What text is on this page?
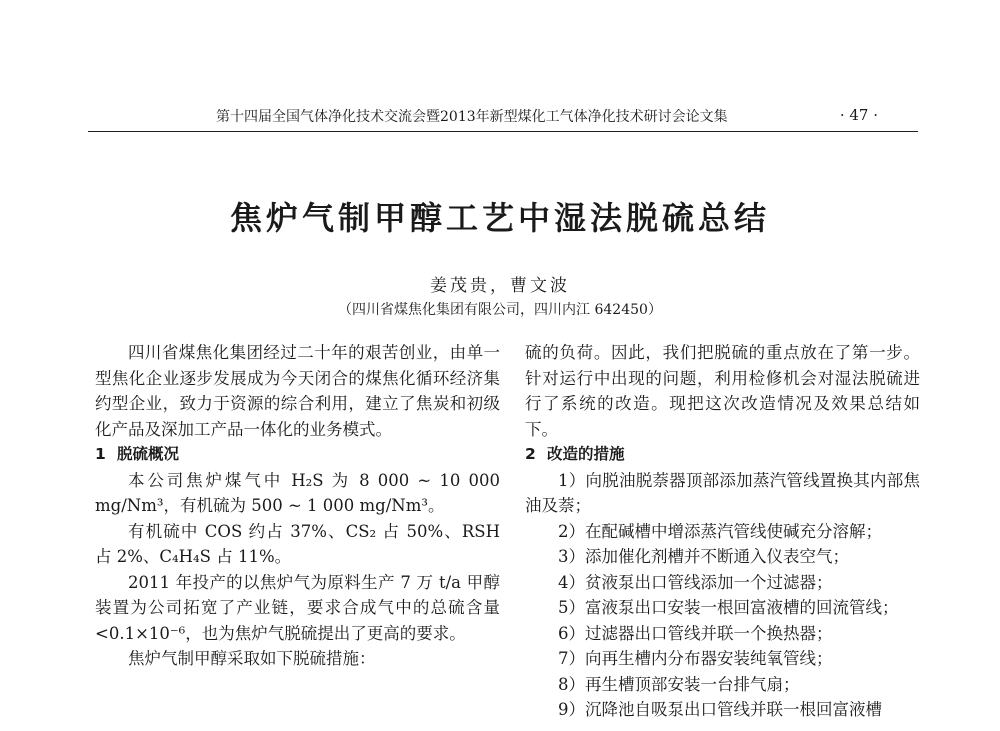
第十四届全国气体净化技术交流会暨2013年新型煤化工气体净化技术研讨会论文集	· 47 ·
焦炉气制甲醇工艺中湿法脱硫总结
姜茂贵，曹文波
（四川省煤焦化集团有限公司，四川内江 642450）

四川省煤焦化集团经过二十年的艰苦创业，由单一型焦化企业逐步发展成为今天闭合的煤焦化循环经济集约型企业，致力于资源的综合利用，建立了焦炭和初级化产品及深加工产品一体化的业务模式。

1 脱硫概况

本公司焦炉煤气中 H₂S 为 8 000 ~ 10 000 mg/Nm³，有机硫为 500 ~ 1 000 mg/Nm³。

有机硫中 COS 约占 37%、CS₂ 占 50%、RSH 占 2%、C₄H₄S 占 11%。

2011 年投产的以焦炉气为原料生产 7 万 t/a 甲醇装置为公司拓宽了产业链，要求合成气中的总硫含量<0.1×10⁻⁶，也为焦炉气脱硫提出了更高的要求。

焦炉气制甲醇采取如下脱硫措施：

硫的负荷。因此，我们把脱硫的重点放在了第一步。针对运行中出现的问题，利用检修机会对湿法脱硫进行了系统的改造。现把这次改造情况及效果总结如下。

2 改造的措施

1）向脱油脱萘器顶部添加蒸汽管线置换其内部焦油及萘；

2）在配碱槽中增添蒸汽管线使碱充分溶解；

3）添加催化剂槽并不断通入仪表空气；

4）贫液泵出口管线添加一个过滤器；

5）富液泵出口安装一根回富液槽的回流管线；

6）过滤器出口管线并联一个换热器；

7）向再生槽内分布器安装纯氧管线；

8）再生槽顶部安装一台排气扇；

9）沉降池自吸泵出口管线并联一根回富液槽
